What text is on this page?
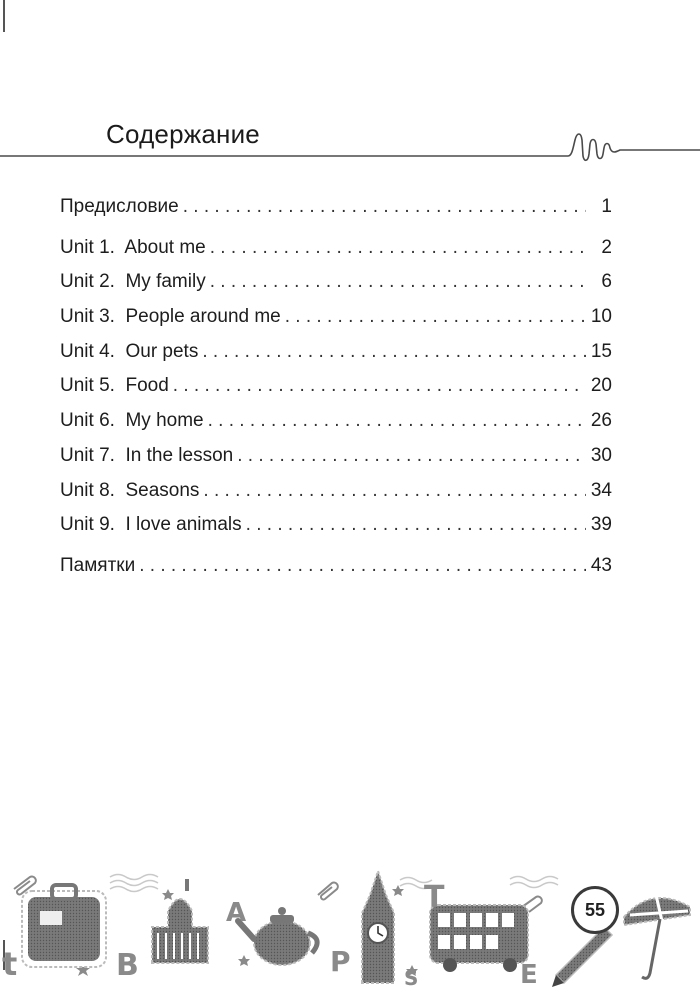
Содержание
Предисловие . . .	1
Unit 1.  About me . . .	2
Unit 2.  My family . . .	6
Unit 3.  People around me . . .	10
Unit 4.  Our pets . . .	15
Unit 5.  Food . . .	20
Unit 6.  My home . . .	26
Unit 7.  In the lesson . . .	30
Unit 8.  Seasons . . .	34
Unit 9.  I love animals . . .	39
Памятки . . .	43
t	B
A
P	S
T
E
55
